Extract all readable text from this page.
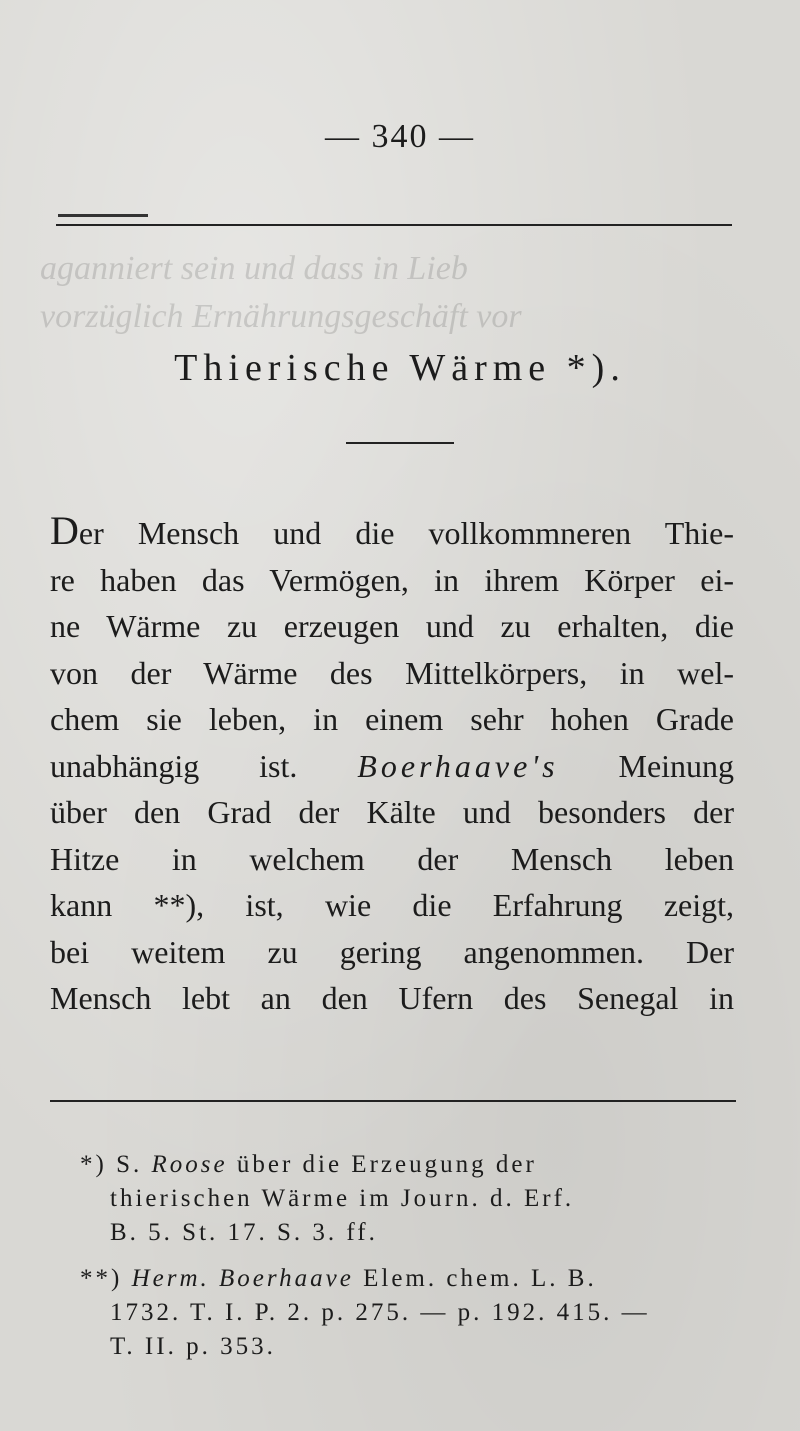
aganniert sein und dass in Lieb
vorzüglich Ernährungsgeschäft vor
— 340 —
Thierische Wärme *).
Der Mensch und die vollkommneren Thie-
re haben das Vermögen, in ihrem Körper ei-
ne Wärme zu erzeugen und zu erhalten, die
von der Wärme des Mittelkörpers, in wel-
chem sie leben, in einem sehr hohen Grade
unabhängig ist. Boerhaave's Meinung
über den Grad der Kälte und besonders der
Hitze in welchem der Mensch leben
kann **), ist, wie die Erfahrung zeigt,
bei weitem zu gering angenommen. Der
Mensch lebt an den Ufern des Senegal in
*) S. Roose über die Erzeugung der
thierischen Wärme im Journ. d. Erf.
B. 5. St. 17. S. 3. ff.
**) Herm. Boerhaave Elem. chem. L. B.
1732. T. I. P. 2. p. 275. — p. 192. 415. —
T. II. p. 353.
